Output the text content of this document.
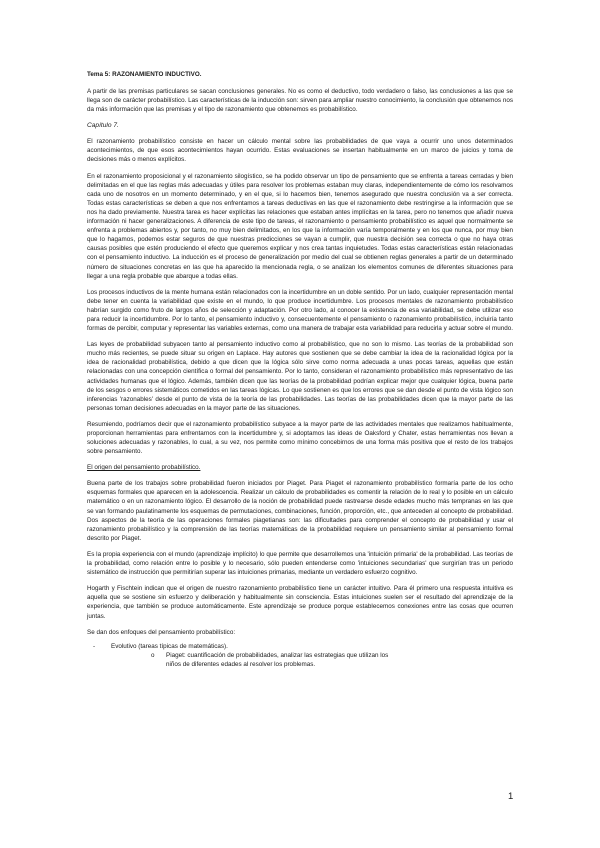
Tema 5: RAZONAMIENTO INDUCTIVO.

A partir de las premisas particulares se sacan conclusiones generales. No es como el deductivo, todo verdadero o falso, las conclusiones a las que se llega son de carácter probabilístico. Las características de la inducción son: sirven para ampliar nuestro conocimiento, la conclusión que obtenemos nos da más información que las premisas y el tipo de razonamiento que obtenemos es probabilístico.

Capítulo 7.

El razonamiento probabilístico consiste en hacer un cálculo mental sobre las probabilidades de que vaya a ocurrir uno unos determinados acontecimientos, de que esos acontecimientos hayan ocurrido. Estas evaluaciones se insertan habitualmente en un marco de juicios y toma de decisiones más o menos explícitos.

En el razonamiento proposicional y el razonamiento silogístico, se ha podido observar un tipo de pensamiento que se enfrenta a tareas cerradas y bien delimitadas en el que las reglas más adecuadas y útiles para resolver los problemas estaban muy claras, independientemente de cómo los resolvamos cada uno de nosotros en un momento determinado, y en el que, si lo hacemos bien, tenemos asegurado que nuestra conclusión va a ser correcta. Todas estas características se deben a que nos enfrentamos a tareas deductivas en las que el razonamiento debe restringirse a la información que se nos ha dado previamente. Nuestra tarea es hacer explícitas las relaciones que estaban antes implícitas en la tarea, pero no tenemos que añadir nueva información ni hacer generalizaciones. A diferencia de este tipo de tareas, el razonamiento o pensamiento probabilístico es aquel que normalmente se enfrenta a problemas abiertos y, por tanto, no muy bien delimitados, en los que la información varía temporalmente y en los que nunca, por muy bien que lo hagamos, podemos estar seguros de que nuestras predicciones se vayan a cumplir, que nuestra decisión sea correcta o que no haya otras causas posibles que estén produciendo el efecto que queremos explicar y nos crea tantas inquietudes. Todas estas características están relacionadas con el pensamiento inductivo. La inducción es el proceso de generalización por medio del cual se obtienen reglas generales a partir de un determinado número de situaciones concretas en las que ha aparecido la mencionada regla, o se analizan los elementos comunes de diferentes situaciones para llegar a una regla probable que abarque a todas ellas.

Los procesos inductivos de la mente humana están relacionados con la incertidumbre en un doble sentido. Por un lado, cualquier representación mental debe tener en cuenta la variabilidad que existe en el mundo, lo que produce incertidumbre. Los procesos mentales de razonamiento probabilístico habrían surgido como fruto de largos años de selección y adaptación. Por otro lado, al conocer la existencia de esa variabilidad, se debe utilizar eso para reducir la incertidumbre. Por lo tanto, el pensamiento inductivo y, consecuentemente el pensamiento o razonamiento probabilístico, incluiría tanto formas de percibir, computar y representar las variables externas, como una manera de trabajar esta variabilidad para reducirla y actuar sobre el mundo.

Las leyes de probabilidad subyacen tanto al pensamiento inductivo como al probabilístico, que no son lo mismo. Las teorías de la probabilidad son mucho más recientes, se puede situar su origen en Laplace. Hay autores que sostienen que se debe cambiar la idea de la racionalidad lógica por la idea de racionalidad probabilística, debido a que dicen que la lógica sólo sirve como norma adecuada a unas pocas tareas, aquellas que están relacionadas con una concepción científica o formal del pensamiento. Por lo tanto, consideran el razonamiento probabilístico más representativo de las actividades humanas que el lógico. Además, también dicen que las teorías de la probabilidad podrían explicar mejor que cualquier lógica, buena parte de los sesgos o errores sistemáticos cometidos en las tareas lógicas. Lo que sostienen es que los errores que se dan desde el punto de vista lógico son inferencias 'razonables' desde el punto de vista de la teoría de las probabilidades. Las teorías de las probabilidades dicen que la mayor parte de las personas toman decisiones adecuadas en la mayor parte de las situaciones.

Resumiendo, podríamos decir que el razonamiento probabilístico subyace a la mayor parte de las actividades mentales que realizamos habitualmente, proporcionan herramientas para enfrentarnos con la incertidumbre y, si adoptamos las ideas de Oaksford y Chater, estas herramientas nos llevan a soluciones adecuadas y razonables, lo cual, a su vez, nos permite como mínimo concebirnos de una forma más positiva que el resto de los trabajos sobre pensamiento.

El origen del pensamiento probabilístico.

Buena parte de los trabajos sobre probabilidad fueron iniciados por Piaget. Para Piaget el razonamiento probabilístico formaría parte de los ocho esquemas formales que aparecen en la adolescencia. Realizar un cálculo de probabilidades es comentir la relación de lo real y lo posible en un cálculo matemático o en un razonamiento lógico. El desarrollo de la noción de probabilidad puede rastrearse desde edades mucho más tempranas en las que se van formando paulatinamente los esquemas de permutaciones, combinaciones, función, proporción, etc., que anteceden al concepto de probabilidad. Dos aspectos de la teoría de las operaciones formales piagetianas son: las dificultades para comprender el concepto de probabilidad y usar el razonamiento probabilístico y la comprensión de las teorías matemáticas de la probabilidad requiere un pensamiento similar al pensamiento formal descrito por Piaget.

Es la propia experiencia con el mundo (aprendizaje implícito) lo que permite que desarrollemos una 'intuición primaria' de la probabilidad. Las teorías de la probabilidad, como relación entre lo posible y lo necesario, sólo pueden entenderse como 'intuiciones secundarias' que surgirían tras un periodo sistemático de instrucción que permitirían superar las intuiciones primarias, mediante un verdadero esfuerzo cognitivo.

Hogarth y Fischtein indican que el origen de nuestro razonamiento probabilístico tiene un carácter intuitivo. Para él primero una respuesta intuitiva es aquella que se sostiene sin esfuerzo y deliberación y habitualmente sin consciencia. Estas intuiciones suelen ser el resultado del aprendizaje de la experiencia, que también se produce automáticamente. Este aprendizaje se produce porque establecemos conexiones entre las cosas que ocurren juntas.

Se dan dos enfoques del pensamiento probabilístico:

-	Evolutivo (tareas típicas de matemáticas).
o Piaget: cuantificación de probabilidades, analizar las estrategias que utilizan los niños de diferentes edades al resolver los problemas.
1
